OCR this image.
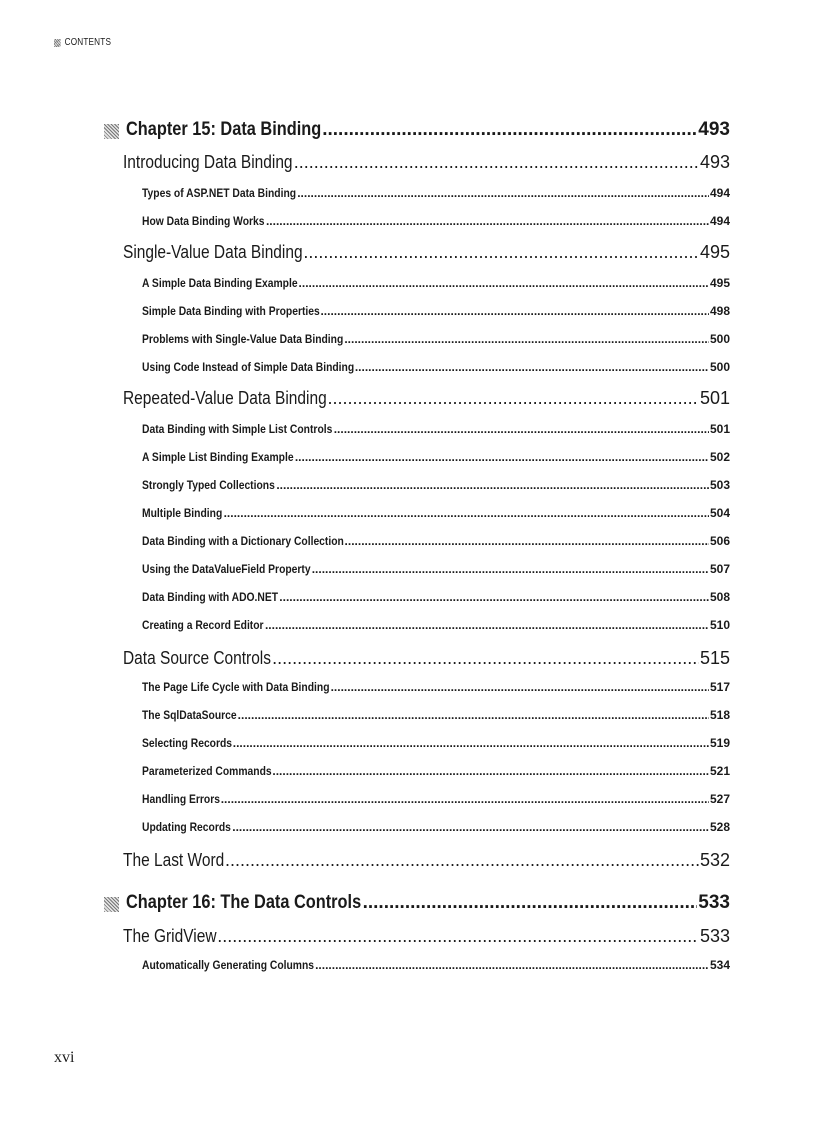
CONTENTS
Chapter 15: Data Binding .....	493
Introducing Data Binding .....	493
Types of ASP.NET Data Binding .....	494
How Data Binding Works .....	494
Single-Value Data Binding .....	495
A Simple Data Binding Example .....	495
Simple Data Binding with Properties .....	498
Problems with Single-Value Data Binding .....	500
Using Code Instead of Simple Data Binding .....	500
Repeated-Value Data Binding .....	501
Data Binding with Simple List Controls .....	501
A Simple List Binding Example .....	502
Strongly Typed Collections .....	503
Multiple Binding .....	504
Data Binding with a Dictionary Collection .....	506
Using the DataValueField Property .....	507
Data Binding with ADO.NET .....	508
Creating a Record Editor .....	510
Data Source Controls .....	515
The Page Life Cycle with Data Binding .....	517
The SqlDataSource .....	518
Selecting Records .....	519
Parameterized Commands .....	521
Handling Errors .....	527
Updating Records .....	528
The Last Word .....	532
Chapter 16: The Data Controls .....	533
The GridView .....	533
Automatically Generating Columns .....	534
xvi
